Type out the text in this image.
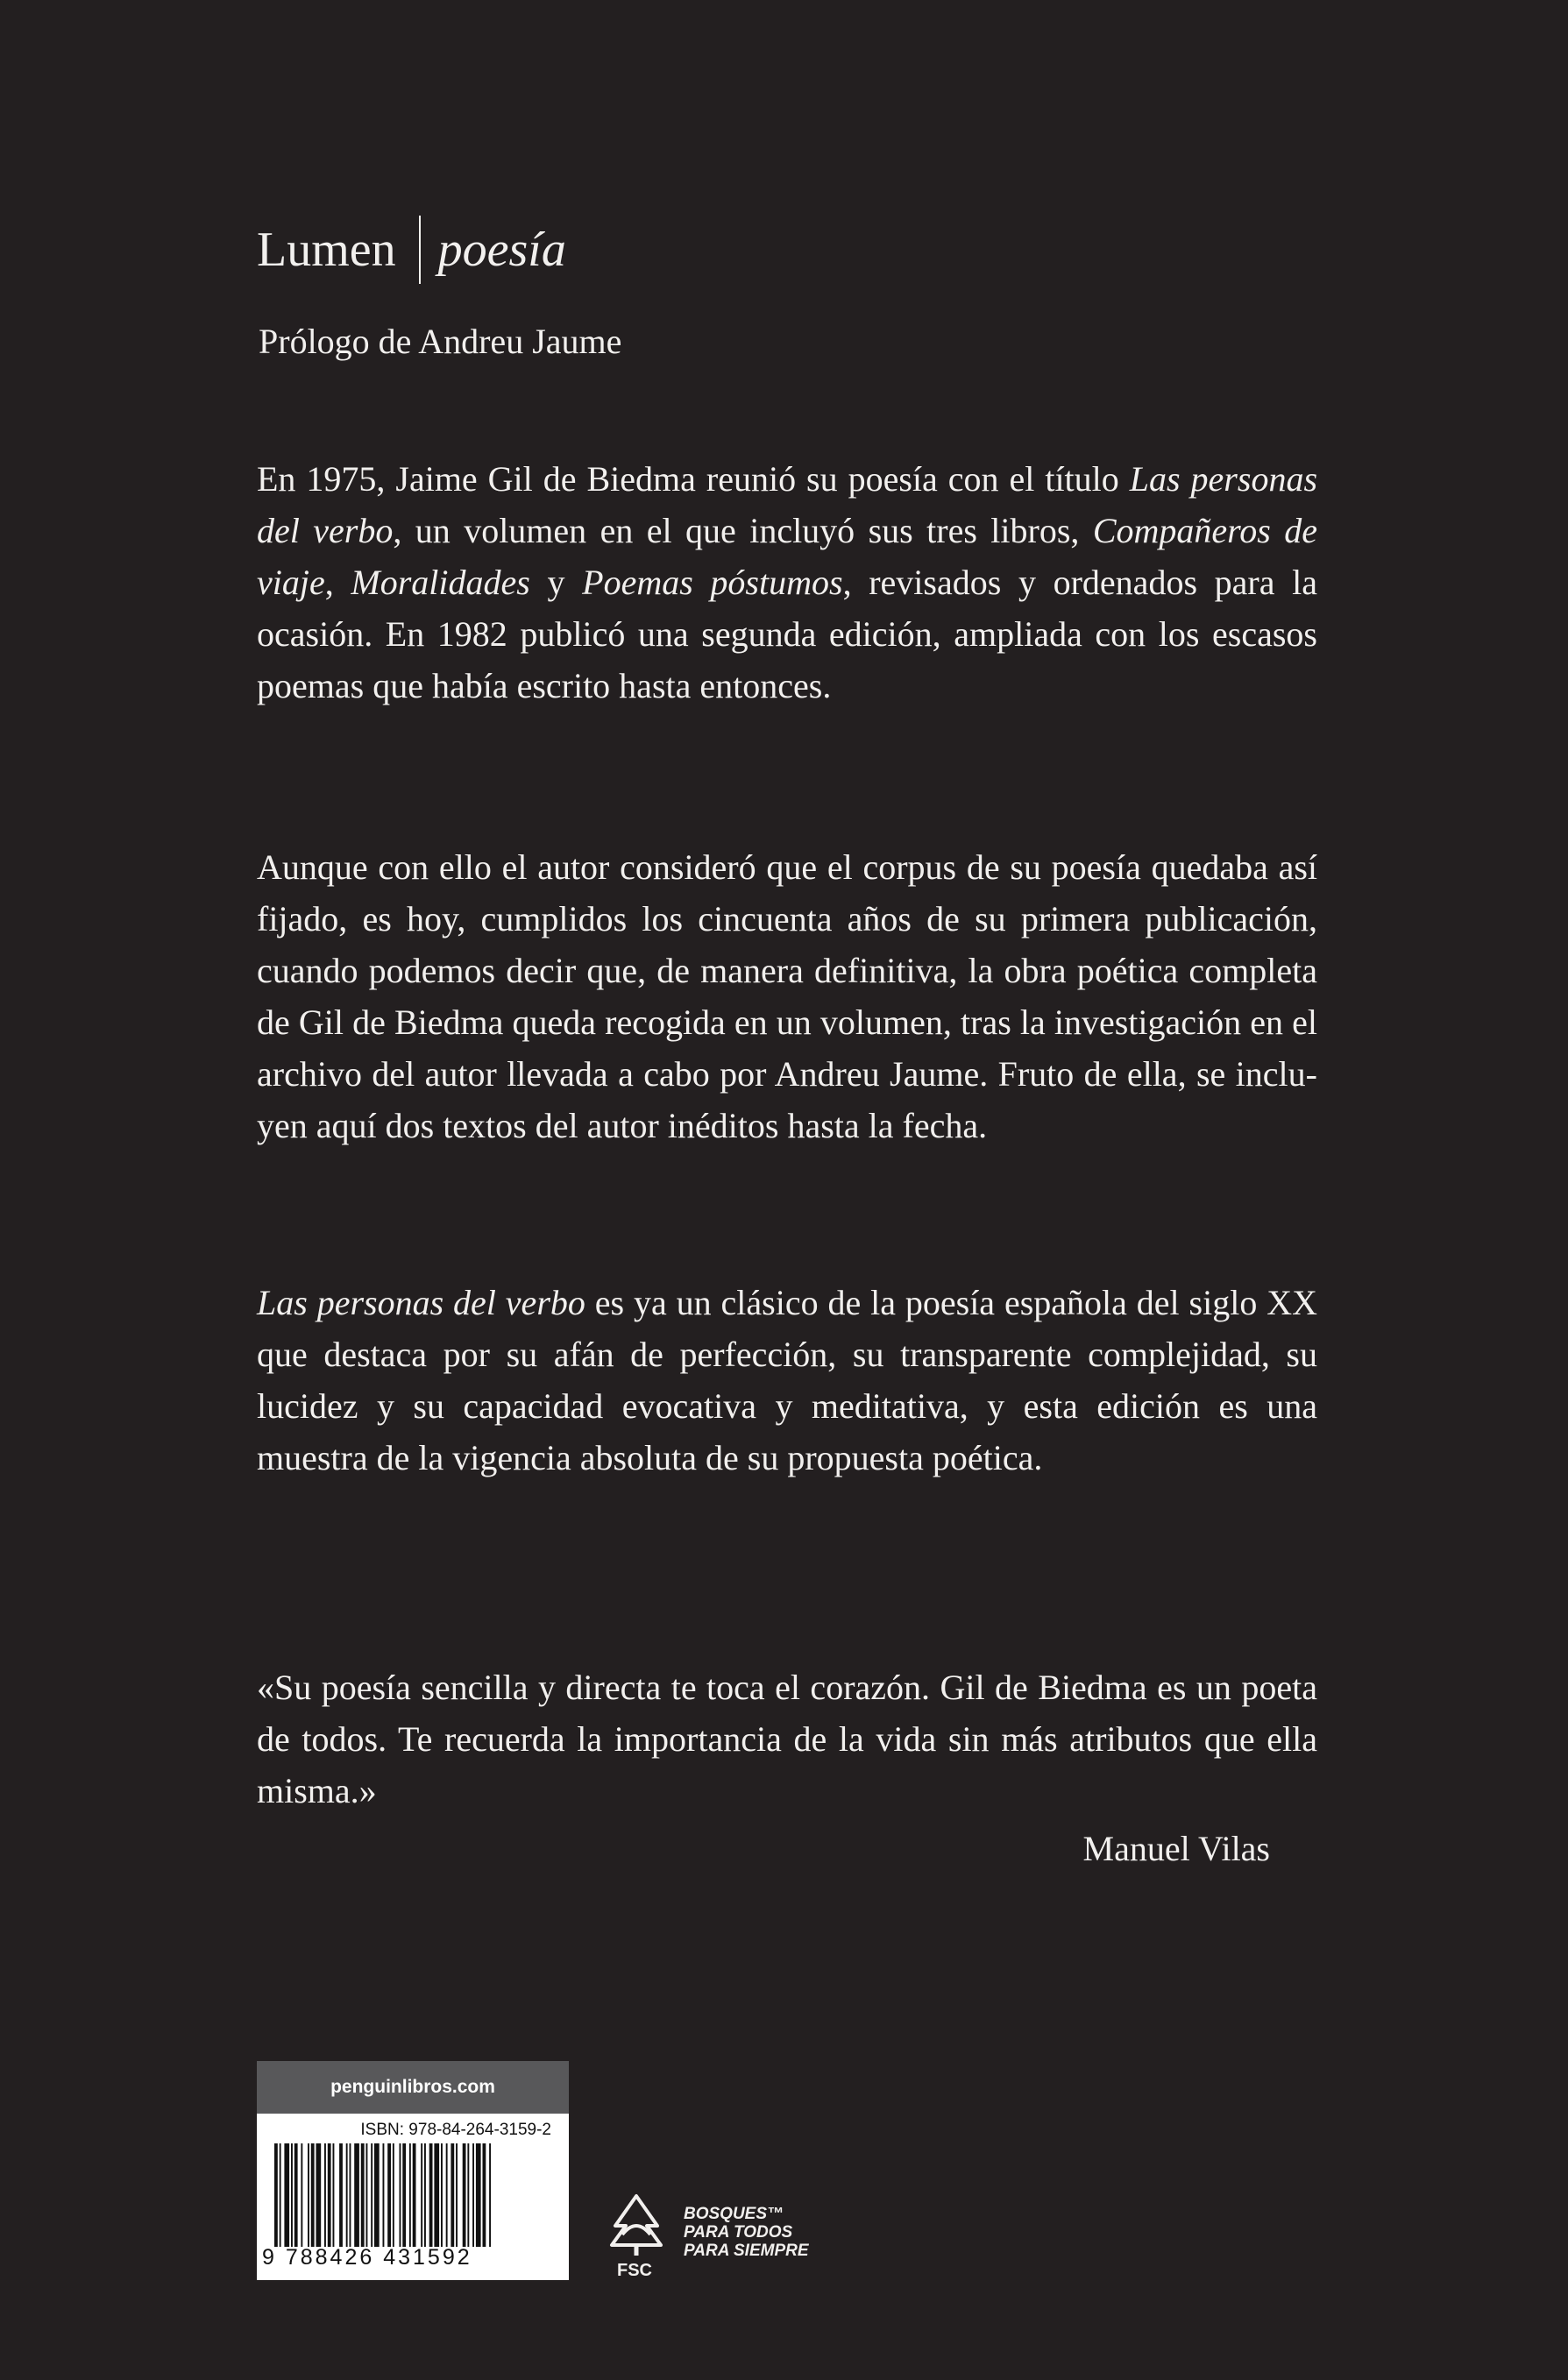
Lumen poesía
Prólogo de Andreu Jaume

En 1975, Jaime Gil de Biedma reunió su poesía con el título Las personas del verbo, un volumen en el que incluyó sus tres libros, Compañeros de viaje, Moralidades y Poemas póstumos, revisados y ordenados para la ocasión. En 1982 publicó una segunda edición, ampliada con los escasos poemas que había escrito hasta entonces.

Aunque con ello el autor consideró que el corpus de su poesía quedaba así fijado, es hoy, cumplidos los cincuenta años de su primera publicación, cuando podemos decir que, de manera definitiva, la obra poética completa de Gil de Biedma queda recogida en un volumen, tras la investigación en el archivo del autor llevada a cabo por Andreu Jaume. Fruto de ella, se incluyen aquí dos textos del autor inéditos hasta la fecha.

Las personas del verbo es ya un clásico de la poesía española del siglo XX que destaca por su afán de perfección, su transparente complejidad, su lucidez y su capacidad evocativa y meditativa, y esta edición es una muestra de la vigencia absoluta de su propuesta poética.

«Su poesía sencilla y directa te toca el corazón. Gil de Biedma es un poeta de todos. Te recuerda la importancia de la vida sin más atributos que ella misma.»
Manuel Vilas
penguinlibros.com
ISBN: 978-84-264-3159-2
9 788426 431592
FSC
BOSQUES™
PARA TODOS
PARA SIEMPRE
